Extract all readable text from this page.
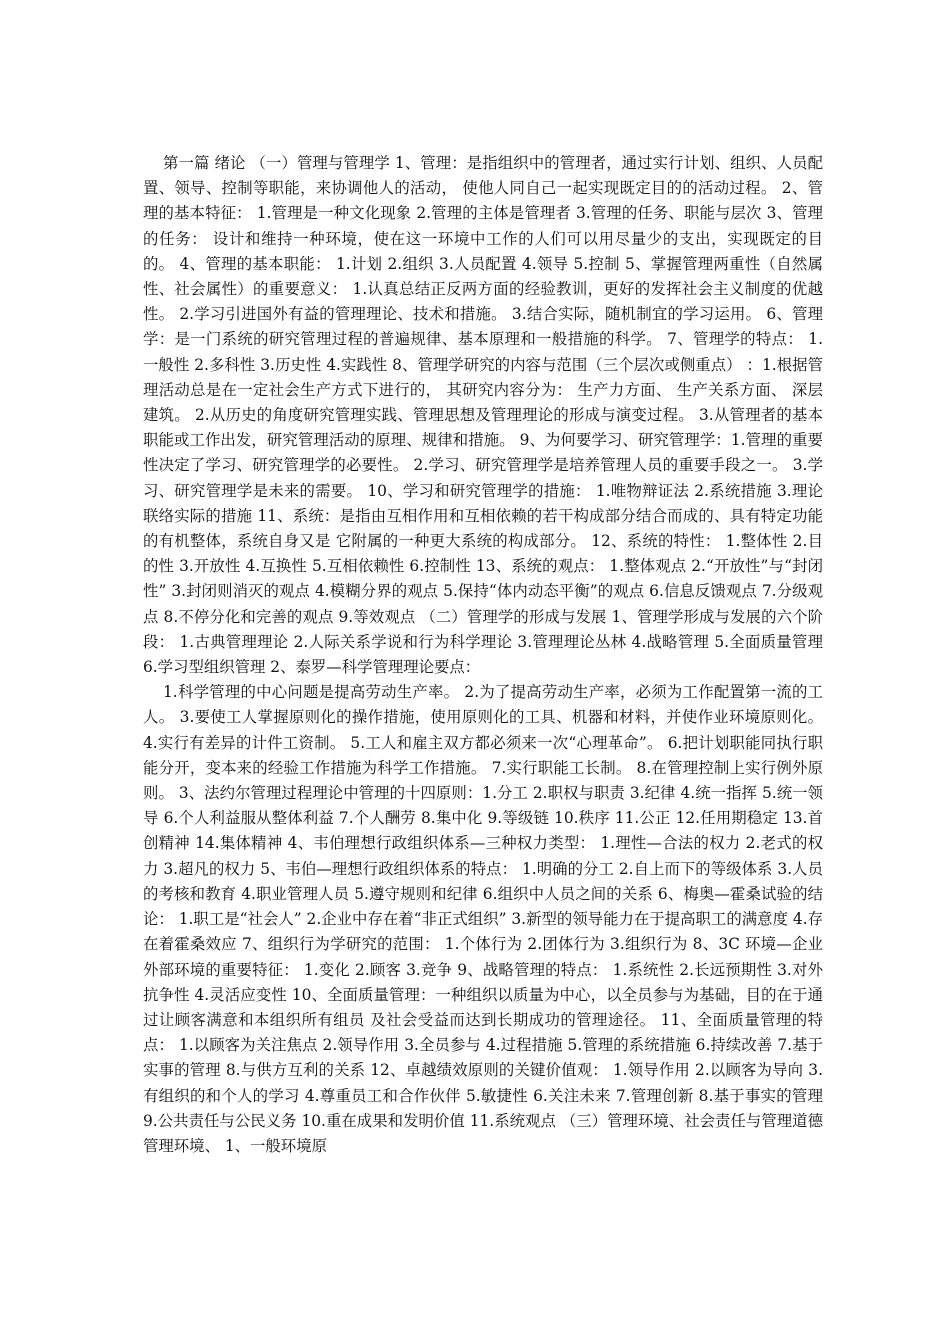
第一篇 绪论 （一）管理与管理学 1、管理：是指组织中的管理者，通过实行计划、组织、人员配置、领导、控制等职能，来协调他人的活动， 使他人同自己一起实现既定目的的活动过程。 2、管理的基本特征： 1.管理是一种文化现象 2.管理的主体是管理者 3.管理的任务、职能与层次 3、管理的任务： 设计和维持一种环境，使在这一环境中工作的人们可以用尽量少的支出，实现既定的目的。 4、管理的基本职能： 1.计划 2.组织 3.人员配置 4.领导 5.控制 5、掌握管理两重性（自然属性、社会属性）的重要意义： 1.认真总结正反两方面的经验教训，更好的发挥社会主义制度的优越性。 2.学习引进国外有益的管理理论、技术和措施。 3.结合实际，随机制宜的学习运用。 6、管理学：是一门系统的研究管理过程的普遍规律、基本原理和一般措施的科学。 7、管理学的特点： 1.一般性 2.多科性 3.历史性 4.实践性 8、管理学研究的内容与范围（三个层次或侧重点） ：1.根据管理活动总是在一定社会生产方式下进行的， 其研究内容分为： 生产力方面、 生产关系方面、 深层建筑。 2.从历史的角度研究管理实践、管理思想及管理理论的形成与演变过程。 3.从管理者的基本职能或工作出发，研究管理活动的原理、规律和措施。 9、为何要学习、研究管理学：1.管理的重要性决定了学习、研究管理学的必要性。 2.学习、研究管理学是培养管理人员的重要手段之一。 3.学习、研究管理学是未来的需要。 10、学习和研究管理学的措施： 1.唯物辩证法 2.系统措施 3.理论联络实际的措施 11、系统：是指由互相作用和互相依赖的若干构成部分结合而成的、具有特定功能的有机整体，系统自身又是 它附属的一种更大系统的构成部分。 12、系统的特性： 1.整体性 2.目的性 3.开放性 4.互换性 5.互相依赖性 6.控制性 13、系统的观点： 1.整体观点 2.“开放性”与“封闭性” 3.封闭则消灭的观点 4.模糊分界的观点 5.保持“体内动态平衡”的观点 6.信息反馈观点 7.分级观点 8.不停分化和完善的观点 9.等效观点 （二）管理学的形成与发展 1、管理学形成与发展的六个阶段： 1.古典管理理论 2.人际关系学说和行为科学理论 3.管理理论丛林 4.战略管理 5.全面质量管理 6.学习型组织管理 2、泰罗—科学管理理论要点：

1.科学管理的中心问题是提高劳动生产率。 2.为了提高劳动生产率，必须为工作配置第一流的工人。 3.要使工人掌握原则化的操作措施，使用原则化的工具、机器和材料，并使作业环境原则化。 4.实行有差异的计件工资制。 5.工人和雇主双方都必须来一次“心理革命”。 6.把计划职能同执行职能分开，变本来的经验工作措施为科学工作措施。 7.实行职能工长制。 8.在管理控制上实行例外原则。 3、法约尔管理过程理论中管理的十四原则：1.分工 2.职权与职责 3.纪律 4.统一指挥 5.统一领导 6.个人利益服从整体利益 7.个人酬劳 8.集中化 9.等级链 10.秩序 11.公正 12.任用期稳定 13.首创精神 14.集体精神 4、韦伯理想行政组织体系—三种权力类型： 1.理性—合法的权力 2.老式的权力 3.超凡的权力 5、韦伯—理想行政组织体系的特点： 1.明确的分工 2.自上而下的等级体系 3.人员的考核和教育 4.职业管理人员 5.遵守规则和纪律 6.组织中人员之间的关系 6、梅奥—霍桑试验的结论： 1.职工是“社会人” 2.企业中存在着“非正式组织” 3.新型的领导能力在于提高职工的满意度 4.存在着霍桑效应 7、组织行为学研究的范围： 1.个体行为 2.团体行为 3.组织行为 8、3C 环境—企业外部环境的重要特征： 1.变化 2.顾客 3.竞争 9、战略管理的特点： 1.系统性 2.长远预期性 3.对外抗争性 4.灵活应变性 10、全面质量管理：一种组织以质量为中心，以全员参与为基础，目的在于通过让顾客满意和本组织所有组员 及社会受益而达到长期成功的管理途径。 11、全面质量管理的特点： 1.以顾客为关注焦点 2.领导作用 3.全员参与 4.过程措施 5.管理的系统措施 6.持续改善 7.基于实事的管理 8.与供方互利的关系 12、卓越绩效原则的关键价值观： 1.领导作用 2.以顾客为导向 3.有组织的和个人的学习 4.尊重员工和合作伙伴 5.敏捷性 6.关注未来 7.管理创新 8.基于事实的管理 9.公共责任与公民义务 10.重在成果和发明价值 11.系统观点 （三）管理环境、社会责任与管理道德 管理环境、 1、一般环境原
